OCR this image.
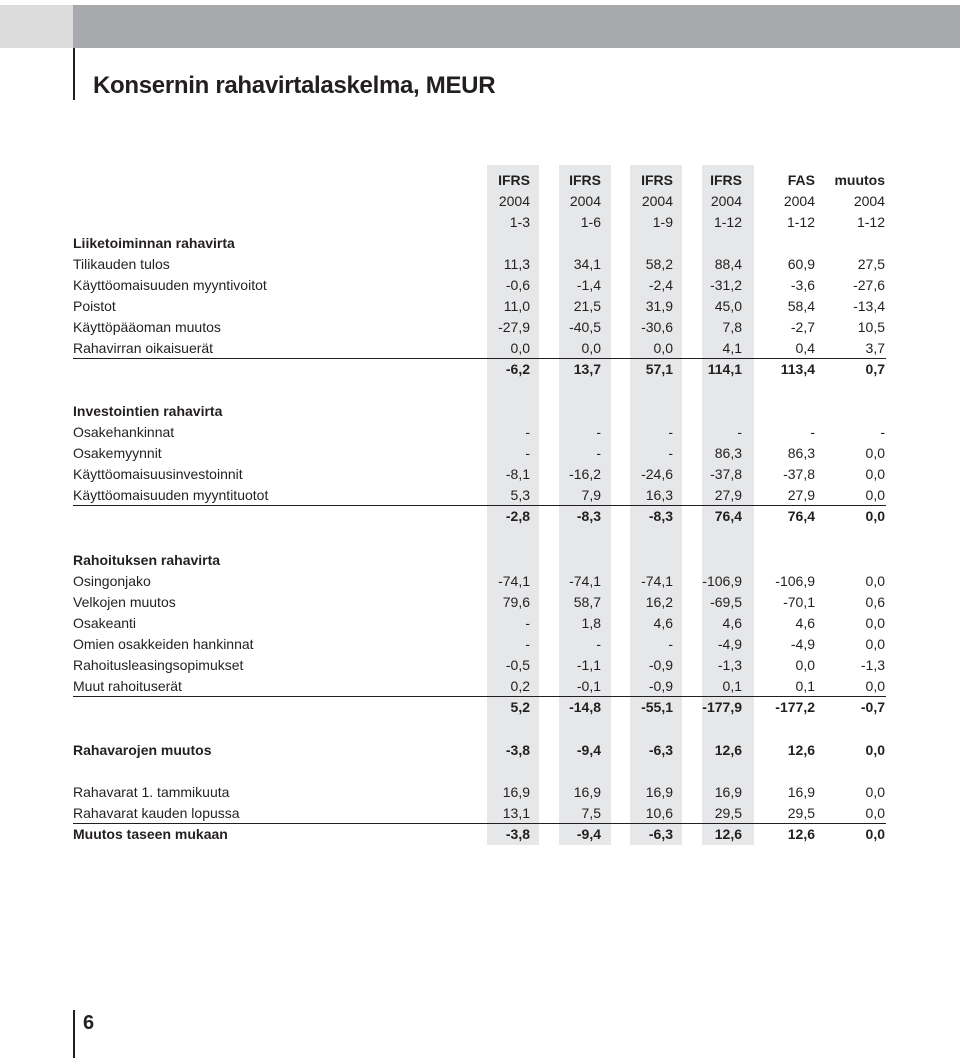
Konsernin rahavirtalaskelma, MEUR
IFRS	IFRS	IFRS	IFRS	FAS muutos
2004	2004	2004	2004	2004	2004
1-3	1-6	1-9	1-12	1-12	1-12
Liiketoiminnan rahavirta
Tilikauden tulos	11,3	34,1	58,2	88,4	60,9	27,5
Käyttöomaisuuden myyntivoitot	-0,6	-1,4	-2,4	-31,2	-3,6	-27,6
Poistot	11,0	21,5	31,9	45,0	58,4	-13,4
Käyttöpääoman muutos	-27,9	-40,5	-30,6	7,8	-2,7	10,5
Rahavirran oikaisuerät	0,0	0,0	0,0	4,1	0,4	3,7
-6,2	13,7	57,1 114,1	113,4	0,7
Investointien rahavirta
Osakehankinnat	-	-	-	-	-	-
Osakemyynnit	-	-	-	86,3	86,3	0,0
Käyttöomaisuusinvestoinnit	-8,1	-16,2	-24,6	-37,8	-37,8	0,0
Käyttöomaisuuden myyntituotot	5,3	7,9	16,3	27,9	27,9	0,0
-2,8	-8,3	-8,3	76,4	76,4	0,0
Rahoituksen rahavirta
Osingonjako	-74,1	-74,1	-74,1 -106,9 -106,9	0,0
Velkojen muutos	79,6	58,7	16,2	-69,5	-70,1	0,6
Osakeanti	-	1,8	4,6	4,6	4,6	0,0
Omien osakkeiden hankinnat	-	-	-	-4,9	-4,9	0,0
Rahoitusleasingsopimukset	-0,5	-1,1	-0,9	-1,3	0,0	-1,3
Muut rahoituserät	0,2	-0,1	-0,9	0,1	0,1	0,0
5,2	-14,8	-55,1 -177,9 -177,2	-0,7
Rahavarojen muutos	-3,8	-9,4	-6,3	12,6	12,6	0,0
Rahavarat 1. tammikuuta	16,9	16,9	16,9	16,9	16,9	0,0
Rahavarat kauden lopussa	13,1	7,5	10,6	29,5	29,5	0,0
Muutos taseen mukaan	-3,8	-9,4	-6,3	12,6	12,6	0,0
6
